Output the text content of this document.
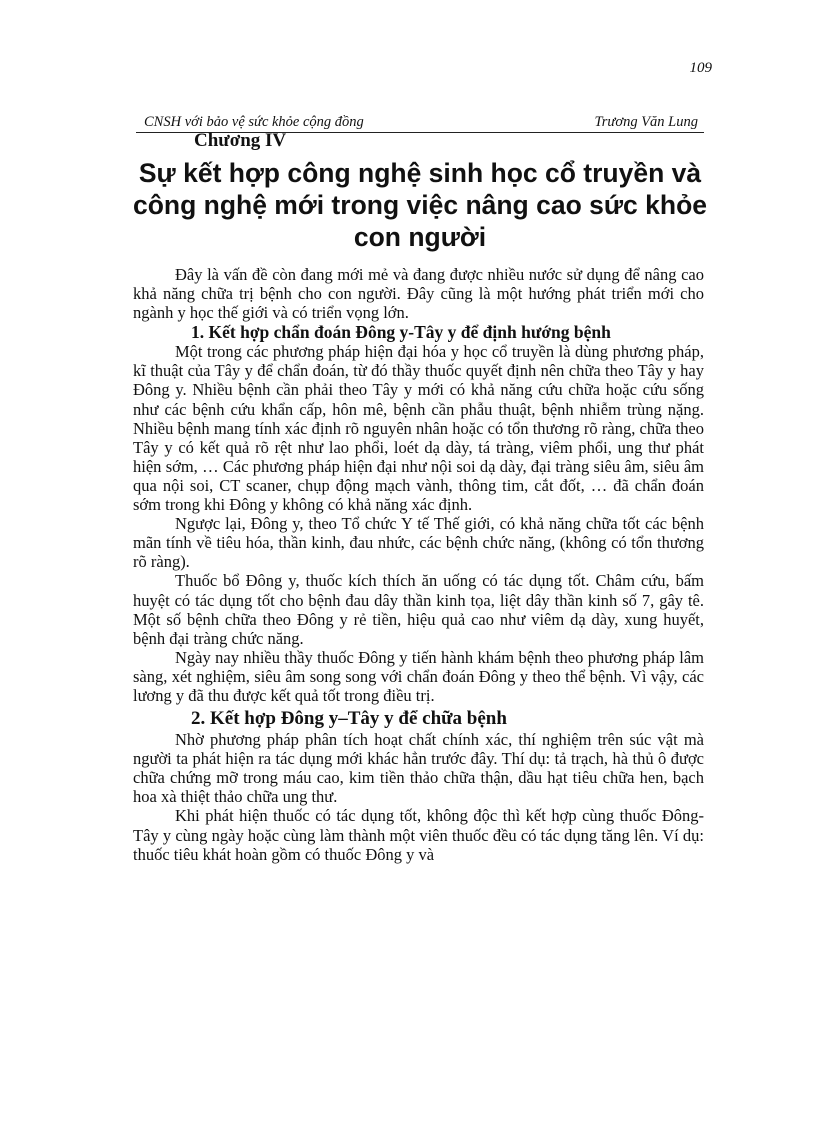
109
CNSH với bảo vệ sức khỏe cộng đồng	Trương Văn Lung
Chương IV
Sự kết hợp công nghệ sinh học cổ truyền và công nghệ mới trong việc nâng cao sức khỏe con người

Đây là vấn đề còn đang mới mẻ và đang được nhiều nước sử dụng để nâng cao khả năng chữa trị bệnh cho con người. Đây cũng là một hướng phát triển mới cho ngành y học thế giới và có triển vọng lớn.

1. Kết hợp chẩn đoán Đông y-Tây y để định hướng bệnh

Một trong các phương pháp hiện đại hóa y học cổ truyền là dùng phương pháp, kĩ thuật của Tây y để chẩn đoán, từ đó thầy thuốc quyết định nên chữa theo Tây y hay Đông y. Nhiều bệnh cần phải theo Tây y mới có khả năng cứu chữa hoặc cứu sống như các bệnh cứu khẩn cấp, hôn mê, bệnh cần phẫu thuật, bệnh nhiễm trùng nặng. Nhiều bệnh mang tính xác định rõ nguyên nhân hoặc có tổn thương rõ ràng, chữa theo Tây y có kết quả rõ rệt như lao phổi, loét dạ dày, tá tràng, viêm phổi, ung thư phát hiện sớm, … Các phương pháp hiện đại như nội soi dạ dày, đại tràng siêu âm, siêu âm qua nội soi, CT scaner, chụp động mạch vành, thông tim, cắt đốt, … đã chẩn đoán sớm trong khi Đông y không có khả năng xác định.

Ngược lại, Đông y, theo Tổ chức Y tế Thế giới, có khả năng chữa tốt các bệnh mãn tính về tiêu hóa, thần kinh, đau nhức, các bệnh chức năng, (không có tổn thương rõ ràng).

Thuốc bổ Đông y, thuốc kích thích ăn uống có tác dụng tốt. Châm cứu, bấm huyệt có tác dụng tốt cho bệnh đau dây thần kinh tọa, liệt dây thần kinh số 7, gây tê. Một số bệnh chữa theo Đông y rẻ tiền, hiệu quả cao như viêm dạ dày, xung huyết, bệnh đại tràng chức năng.

Ngày nay nhiều thầy thuốc Đông y tiến hành khám bệnh theo phương pháp lâm sàng, xét nghiệm, siêu âm song song với chẩn đoán Đông y theo thể bệnh. Vì vậy, các lương y đã thu được kết quả tốt trong điều trị.

2. Kết hợp Đông y–Tây y để chữa bệnh

Nhờ phương pháp phân tích hoạt chất chính xác, thí nghiệm trên súc vật mà người ta phát hiện ra tác dụng mới khác hẳn trước đây. Thí dụ: tả trạch, hà thủ ô được chữa chứng mỡ trong máu cao, kim tiền thảo chữa thận, dầu hạt tiêu chữa hen, bạch hoa xà thiệt thảo chữa ung thư.

Khi phát hiện thuốc có tác dụng tốt, không độc thì kết hợp cùng thuốc Đông-Tây y cùng ngày hoặc cùng làm thành một viên thuốc đều có tác dụng tăng lên. Ví dụ: thuốc tiêu khát hoàn gồm có thuốc Đông y và
